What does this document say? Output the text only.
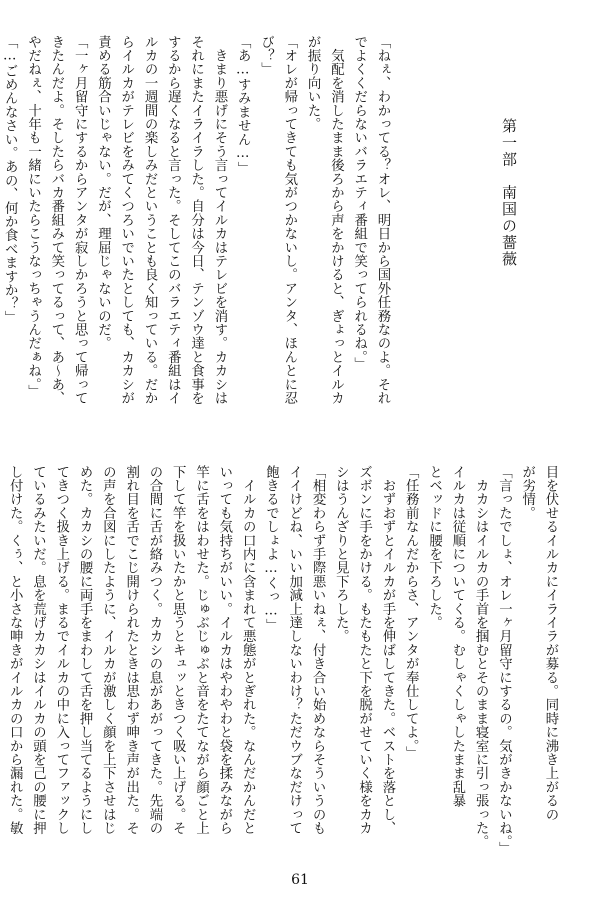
「ねぇ、わかってる？オレ、明日から国外任務なのよ。それ
でよくくだらないバラエティ番組で笑ってられるね。」
　気配を消したまま後ろから声をかけると、ぎょっとイルカ
が振り向いた。
「オレが帰ってきても気がつかないし。アンタ、ほんとに忍
び？」
「あ…すみません…」
　きまり悪げにそう言ってイルカはテレビを消す。カカシは
それにまたイライラした。自分は今日、テンゾウ達と食事を
するから遅くなると言った。そしてこのバラエティ番組はイ
ルカの一週間の楽しみだということも良く知っている。だか
らイルカがテレビをみてくつろいでいたとしても、カカシが
責める筋合いじゃない。だが、理屈じゃないのだ。
「一ヶ月留守にするからアンタが寂しかろうと思って帰って
きたんだよ。そしたらバカ番組みて笑ってるって、あ〜あ、
やだねぇ、十年も一緒にいたらこうなっちゃうんだぁね。」
「…ごめんなさい。あの、何か食べますか？」	第一部　南国の薔薇
目を伏せるイルカにイライラが募る。同時に沸き上がるの
が劣情。
「言ったでしょ、オレ一ヶ月留守にするの。気がきかないね。」
　カカシはイルカの手首を掴むとそのまま寝室に引っ張った。
イルカは従順についてくる。むしゃくしゃしたまま乱暴
とベッドに腰を下ろした。
「任務前なんだからさ、アンタが奉仕してよ。」
　おずおずとイルカが手を伸ばしてきた。ベストを落とし、
ズボンに手をかける。もたもたと下を脱がせていく様をカカ
シはうんざりと見下ろした。
「相変わらず手際悪いねぇ、付き合い始めならそういうのも
イイけどね、いい加減上達しないわけ？ただウブなだけって
飽きるでしょよ…くっ…」
　イルカの口内に含まれて悪態がとぎれた。なんだかんだと
いっても気持ちがいい。イルカはやわやわと袋を揉みながら
竿に舌をはわせた。じゅぶじゅぶと音をたてながら顔ごと上
下して竿を扱いたかと思うとキュッときつく吸い上げる。そ
の合間に舌が絡みつく。カカシの息があがってきた。先端の
割れ目を舌でこじ開けられたときは思わず呻き声が出た。そ
の声を合図にしたように、イルカが激しく顔を上下させはじ
めた。カカシの腰に両手をまわして舌を押し当てるようにし
てきつく扱き上げる。まるでイルカの中に入ってファックし
ているみたいだ。息を荒げカカシはイルカの頭を己の腰に押
し付けた。くぅ、と小さな呻きがイルカの口から漏れた。敏

61
